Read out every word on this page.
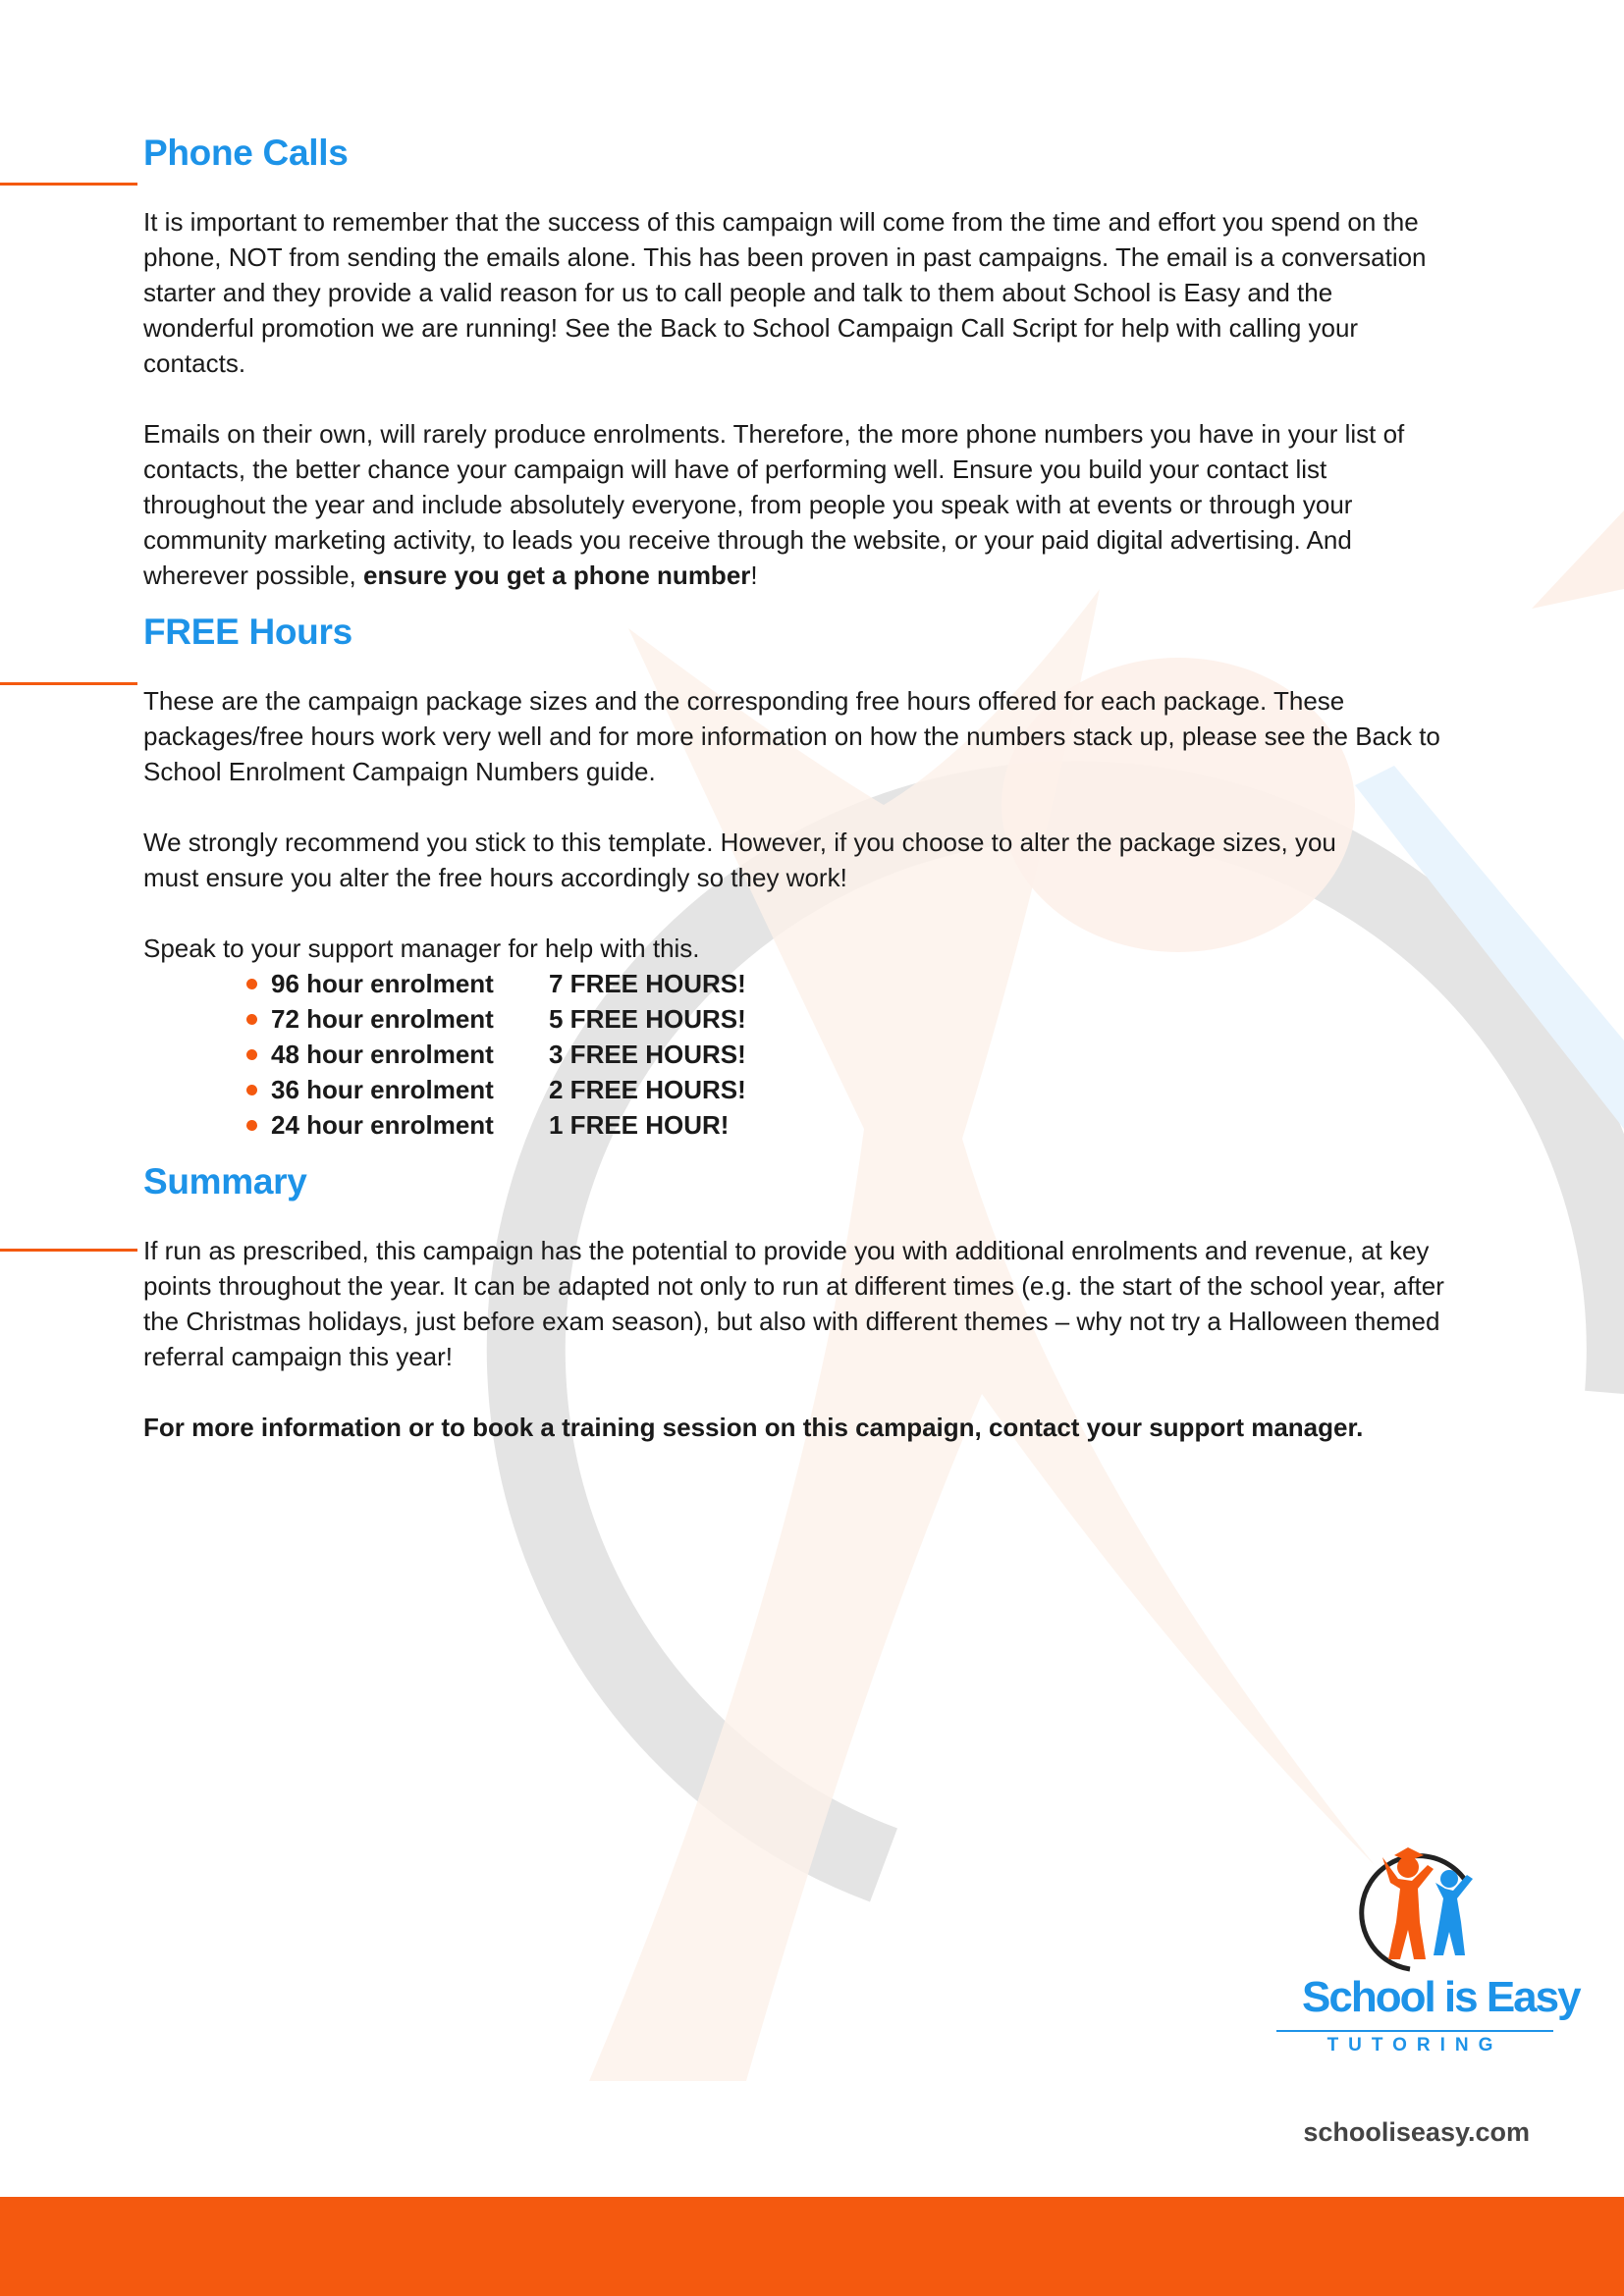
Phone Calls

It is important to remember that the success of this campaign will come from the time and effort you spend on the phone, NOT from sending the emails alone. This has been proven in past campaigns. The email is a conversation starter and they provide a valid reason for us to call people and talk to them about School is Easy and the wonderful promotion we are running! See the Back to School Campaign Call Script for help with calling your contacts.

Emails on their own, will rarely produce enrolments. Therefore, the more phone numbers you have in your list of contacts, the better chance your campaign will have of performing well. Ensure you build your contact list throughout the year and include absolutely everyone, from people you speak with at events or through your community marketing activity, to leads you receive through the website, or your paid digital advertising. And wherever possible, ensure you get a phone number!

FREE Hours

These are the campaign package sizes and the corresponding free hours offered for each package. These packages/free hours work very well and for more information on how the numbers stack up, please see the Back to School Enrolment Campaign Numbers guide.

We strongly recommend you stick to this template. However, if you choose to alter the package sizes, you must ensure you alter the free hours accordingly so they work!

Speak to your support manager for help with this.

96 hour enrolment 7 FREE HOURS!
72 hour enrolment 5 FREE HOURS!
48 hour enrolment 3 FREE HOURS!
36 hour enrolment 2 FREE HOURS!
24 hour enrolment 1 FREE HOUR!
Summary

If run as prescribed, this campaign has the potential to provide you with additional enrolments and revenue, at key points throughout the year. It can be adapted not only to run at different times (e.g. the start of the school year, after the Christmas holidays, just before exam season), but also with different themes – why not try a Halloween themed referral campaign this year!

For more information or to book a training session on this campaign, contact your support manager.

School is Easy
TUTORING
schooliseasy.com
